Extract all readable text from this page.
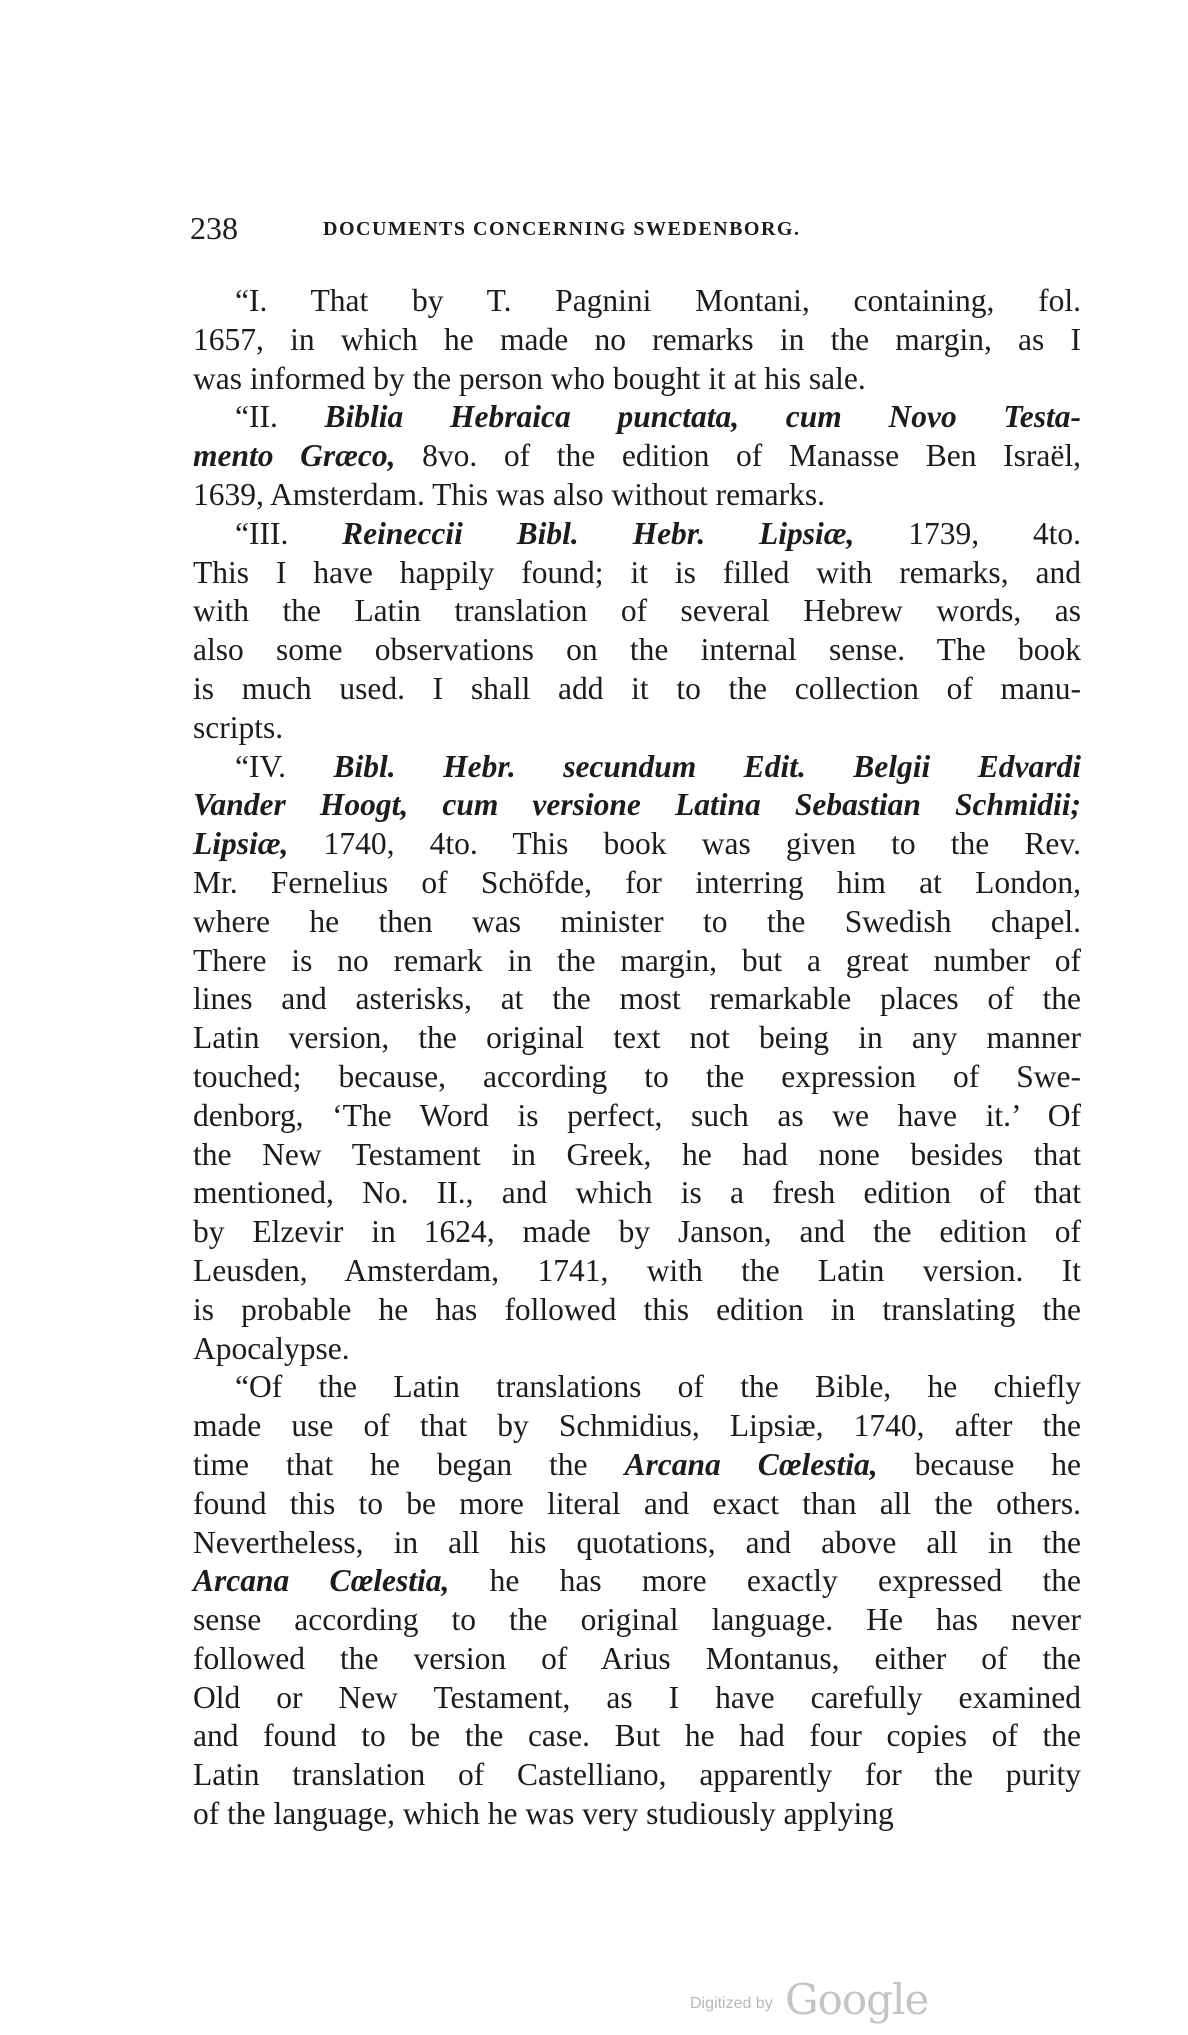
238	DOCUMENTS CONCERNING SWEDENBORG.
“I. That by T. Pagnini Montani, containing, fol.
1657, in which he made no remarks in the margin, as I
was informed by the person who bought it at his sale.
“II. Biblia Hebraica punctata, cum Novo Testa-
mento Græco, 8vo. of the edition of Manasse Ben Israël,
1639, Amsterdam. This was also without remarks.
“III. Reineccii Bibl. Hebr. Lipsiæ, 1739, 4to.
This I have happily found; it is filled with remarks, and
with the Latin translation of several Hebrew words, as
also some observations on the internal sense. The book
is much used. I shall add it to the collection of manu-
scripts.
“IV. Bibl. Hebr. secundum Edit. Belgii Edvardi
Vander Hoogt, cum versione Latina Sebastian Schmidii;
Lipsiæ, 1740, 4to. This book was given to the Rev.
Mr. Fernelius of Schöfde, for interring him at London,
where he then was minister to the Swedish chapel.
There is no remark in the margin, but a great number of
lines and asterisks, at the most remarkable places of the
Latin version, the original text not being in any manner
touched; because, according to the expression of Swe-
denborg, ‘The Word is perfect, such as we have it.’ Of
the New Testament in Greek, he had none besides that
mentioned, No. II., and which is a fresh edition of that
by Elzevir in 1624, made by Janson, and the edition of
Leusden, Amsterdam, 1741, with the Latin version. It
is probable he has followed this edition in translating the
Apocalypse.
“Of the Latin translations of the Bible, he chiefly
made use of that by Schmidius, Lipsiæ, 1740, after the
time that he began the Arcana Cœlestia, because he
found this to be more literal and exact than all the others.
Nevertheless, in all his quotations, and above all in the
Arcana Cœlestia, he has more exactly expressed the
sense according to the original language. He has never
followed the version of Arius Montanus, either of the
Old or New Testament, as I have carefully examined
and found to be the case. But he had four copies of the
Latin translation of Castelliano, apparently for the purity
of the language, which he was very studiously applying
Digitized by Google
